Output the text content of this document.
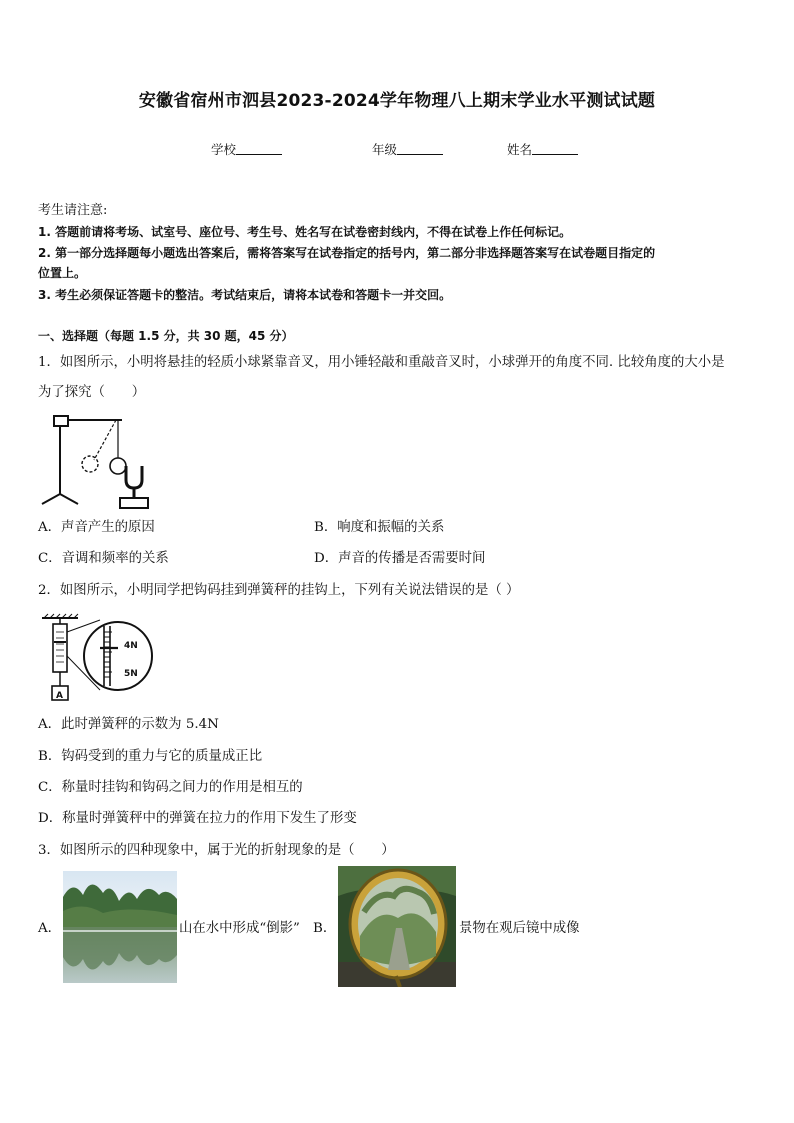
安徽省宿州市泗县2023-2024学年物理八上期末学业水平测试试题
学校	年级	姓名
考生请注意:
1. 答题前请将考场、试室号、座位号、考生号、姓名写在试卷密封线内，不得在试卷上作任何标记。
2. 第一部分选择题每小题选出答案后，需将答案写在试卷指定的括号内，第二部分非选择题答案写在试卷题目指定的
位置上。
3. 考生必须保证答题卡的整洁。考试结束后，请将本试卷和答题卡一并交回。
一、选择题（每题 1.5 分，共 30 题，45 分）
1．如图所示，小明将悬挂的轻质小球紧靠音叉，用小锤轻敲和重敲音叉时，小球弹开的角度不同. 比较角度的大小是
为了探究（　　）
A．声音产生的原因	B．响度和振幅的关系
C．音调和频率的关系	D．声音的传播是否需要时间
2．如图所示，小明同学把钩码挂到弹簧秤的挂钩上，下列有关说法错误的是（ ）
4N
5N
A
A．此时弹簧秤的示数为 5.4N
B．钩码受到的重力与它的质量成正比
C．称量时挂钩和钩码之间力的作用是相互的
D．称量时弹簧秤中的弹簧在拉力的作用下发生了形变
3．如图所示的四种现象中，属于光的折射现象的是（　　）
A．	山在水中形成“倒影” B．	景物在观后镜中成像
